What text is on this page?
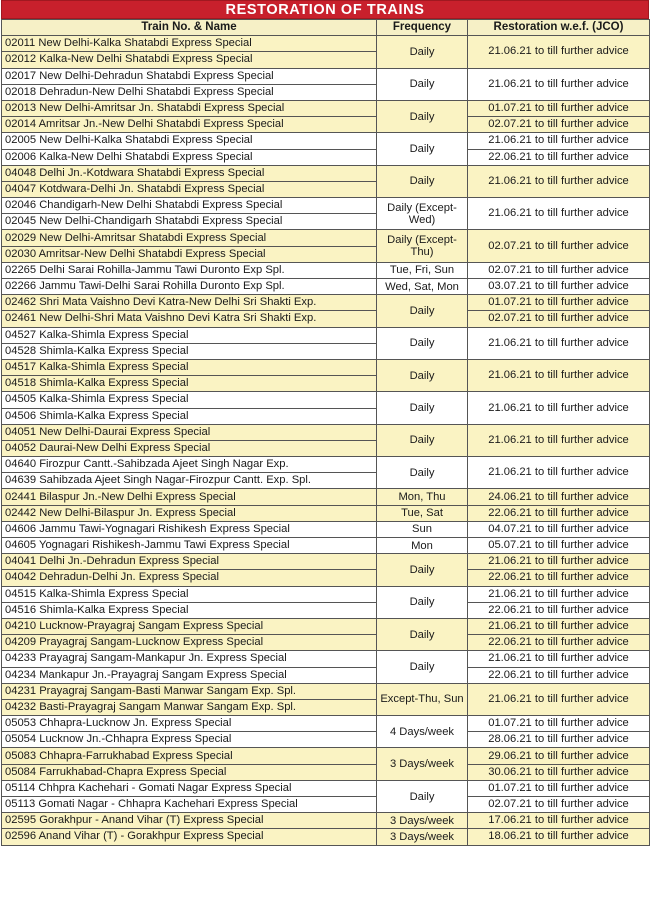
RESTORATION OF TRAINS
Train No. & Name	Frequency	Restoration w.e.f. (JCO)
02011 New Delhi-Kalka Shatabdi Express Special	Daily	21.06.21 to till further advice
02012 Kalka-New Delhi Shatabdi Express Special		
02017 New Delhi-Dehradun Shatabdi Express Special	Daily	21.06.21 to till further advice
02018 Dehradun-New Delhi Shatabdi Express Special		
02013 New Delhi-Amritsar Jn. Shatabdi Express Special	Daily	01.07.21 to till further advice
02014 Amritsar Jn.-New Delhi Shatabdi Express Special		02.07.21 to till further advice
02005 New Delhi-Kalka Shatabdi Express Special	Daily	21.06.21 to till further advice
02006 Kalka-New Delhi Shatabdi Express Special		22.06.21 to till further advice
04048 Delhi Jn.-Kotdwara Shatabdi Express Special	Daily	21.06.21 to till further advice
04047 Kotdwara-Delhi Jn. Shatabdi Express Special		
02046 Chandigarh-New Delhi Shatabdi Express Special	Daily (Except-Wed)	21.06.21 to till further advice
02045 New Delhi-Chandigarh Shatabdi Express Special		
02029 New Delhi-Amritsar Shatabdi Express Special	Daily (Except-Thu)	02.07.21 to till further advice
02030 Amritsar-New Delhi Shatabdi Express Special		
02265 Delhi Sarai Rohilla-Jammu Tawi Duronto Exp Spl.	Tue, Fri, Sun	02.07.21 to till further advice
02266 Jammu Tawi-Delhi Sarai Rohilla Duronto Exp Spl.	Wed, Sat, Mon	03.07.21 to till further advice
02462 Shri Mata Vaishno Devi Katra-New Delhi Sri Shakti Exp.	Daily	01.07.21 to till further advice
02461 New Delhi-Shri Mata Vaishno Devi Katra Sri Shakti Exp.		02.07.21 to till further advice
04527 Kalka-Shimla Express Special	Daily	21.06.21 to till further advice
04528 Shimla-Kalka Express Special		
04517 Kalka-Shimla Express Special	Daily	21.06.21 to till further advice
04518 Shimla-Kalka Express Special		
04505 Kalka-Shimla Express Special	Daily	21.06.21 to till further advice
04506 Shimla-Kalka Express Special		
04051 New Delhi-Daurai Express Special	Daily	21.06.21 to till further advice
04052 Daurai-New Delhi Express Special		
04640 Firozpur Cantt.-Sahibzada Ajeet Singh Nagar Exp.	Daily	21.06.21 to till further advice
04639 Sahibzada Ajeet Singh Nagar-Firozpur Cantt. Exp. Spl.		
02441 Bilaspur Jn.-New Delhi Express Special	Mon, Thu	24.06.21 to till further advice
02442 New Delhi-Bilaspur Jn. Express Special	Tue, Sat	22.06.21 to till further advice
04606 Jammu Tawi-Yognagari Rishikesh Express Special	Sun	04.07.21 to till further advice
04605 Yognagari Rishikesh-Jammu Tawi Express Special	Mon	05.07.21 to till further advice
04041 Delhi Jn.-Dehradun Express Special	Daily	21.06.21 to till further advice
04042 Dehradun-Delhi Jn. Express Special		22.06.21 to till further advice
04515 Kalka-Shimla Express Special	Daily	21.06.21 to till further advice
04516 Shimla-Kalka Express Special		22.06.21 to till further advice
04210 Lucknow-Prayagraj Sangam Express Special	Daily	21.06.21 to till further advice
04209 Prayagraj Sangam-Lucknow Express Special		22.06.21 to till further advice
04233 Prayagraj Sangam-Mankapur Jn. Express Special	Daily	21.06.21 to till further advice
04234 Mankapur Jn.-Prayagraj Sangam Express Special		22.06.21 to till further advice
04231 Prayagraj Sangam-Basti Manwar Sangam Exp. Spl.	Except-Thu, Sun	21.06.21 to till further advice
04232 Basti-Prayagraj Sangam Manwar Sangam Exp. Spl.		
05053 Chhapra-Lucknow Jn. Express Special	4 Days/week	01.07.21 to till further advice
05054 Lucknow Jn.-Chhapra Express Special		28.06.21 to till further advice
05083 Chhapra-Farrukhabad Express Special	3 Days/week	29.06.21 to till further advice
05084 Farrukhabad-Chapra Express Special		30.06.21 to till further advice
05114 Chhpra Kachehari - Gomati Nagar Express Special	Daily	01.07.21 to till further advice
05113 Gomati Nagar - Chhapra Kachehari Express Special		02.07.21 to till further advice
02595 Gorakhpur - Anand Vihar (T) Express Special	3 Days/week	17.06.21 to till further advice
02596 Anand Vihar (T) - Gorakhpur Express Special	3 Days/week	18.06.21 to till further advice
